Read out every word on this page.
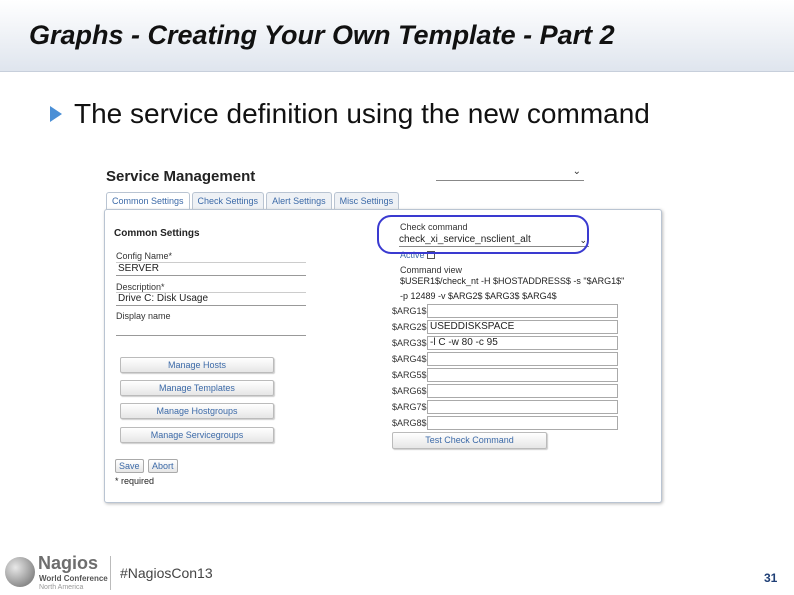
Graphs - Creating Your Own Template - Part 2
The service definition using the new command
Service Management	⌄
Common Settings	Check Settings	Alert Settings	Misc Settings
Common Settings
Config Name*
SERVER
Description*
Drive C: Disk Usage
Display name
Manage Hosts
Manage Templates
Manage Hostgroups
Manage Servicegroups
Save	Abort
* required
Check command
check_xi_service_nsclient_alt	⌄
Active
Command view
$USER1$/check_nt -H $HOSTADDRESS$ -s "$ARG1$"
-p 12489 -v $ARG2$ $ARG3$ $ARG4$
$ARG1$
$ARG2$ USEDDISKSPACE
$ARG3$ -l C -w 80 -c 95
$ARG4$
$ARG5$
$ARG6$
$ARG7$
$ARG8$
Test Check Command
Nagios
World Conference
North America
#NagiosCon13	31
